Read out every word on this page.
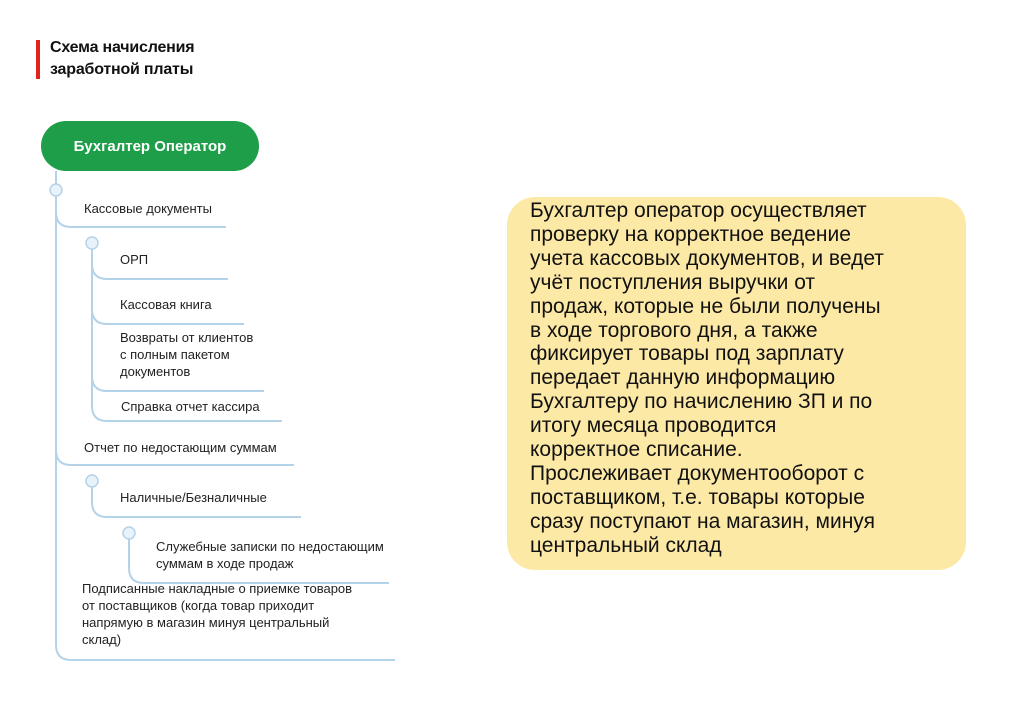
Схема начисления
заработной платы
Бухгалтер Оператор
Кассовые документы
ОРП
Кассовая книга
Возвраты от клиентов
с полным пакетом
документов
Справка отчет кассира
Отчет по недостающим суммам
Наличные/Безналичные
Служебные записки по недостающим
суммам в ходе продаж
Подписанные накладные о приемке товаров
от поставщиков (когда товар приходит
напрямую в магазин минуя центральный
склад)
Бухгалтер оператор осуществляет
проверку на корректное ведение
учета кассовых документов, и ведет
учёт поступления выручки от
продаж, которые не были получены
в ходе торгового дня, а также
фиксирует товары под зарплату
передает данную информацию
Бухгалтеру по начислению ЗП и по
итогу месяца проводится
корректное списание.
Прослеживает документооборот с
поставщиком, т.е. товары которые
сразу поступают на магазин, минуя
центральный склад
